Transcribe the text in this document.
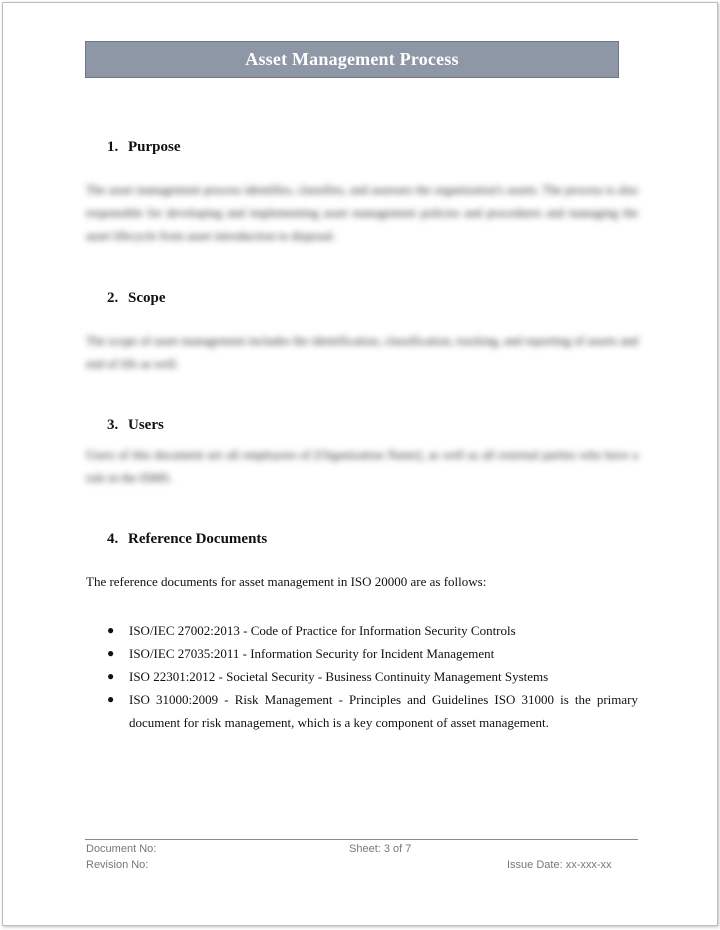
Asset Management Process
1. Purpose
The asset management process identifies, classifies, and assesses the organization's assets. The process is also responsible for developing and implementing asset management policies and procedures and managing the asset lifecycle from asset introduction to disposal.
2. Scope
The scope of asset management includes the identification, classification, tracking, and reporting of assets and end of life as well.
3. Users
Users of this document are all employees of [Organization Name], as well as all external parties who have a role in the ISMS.
4. Reference Documents
The reference documents for asset management in ISO 20000 are as follows:
● ISO/IEC 27002:2013 - Code of Practice for Information Security Controls
● ISO/IEC 27035:2011 - Information Security for Incident Management
● ISO 22301:2012 - Societal Security - Business Continuity Management Systems
● ISO 31000:2009 - Risk Management - Principles and Guidelines ISO 31000 is the primary document for risk management, which is a key component of asset management.
Document No:
Revision No:
Sheet: 3 of 7
Issue Date: xx-xxx-xx
